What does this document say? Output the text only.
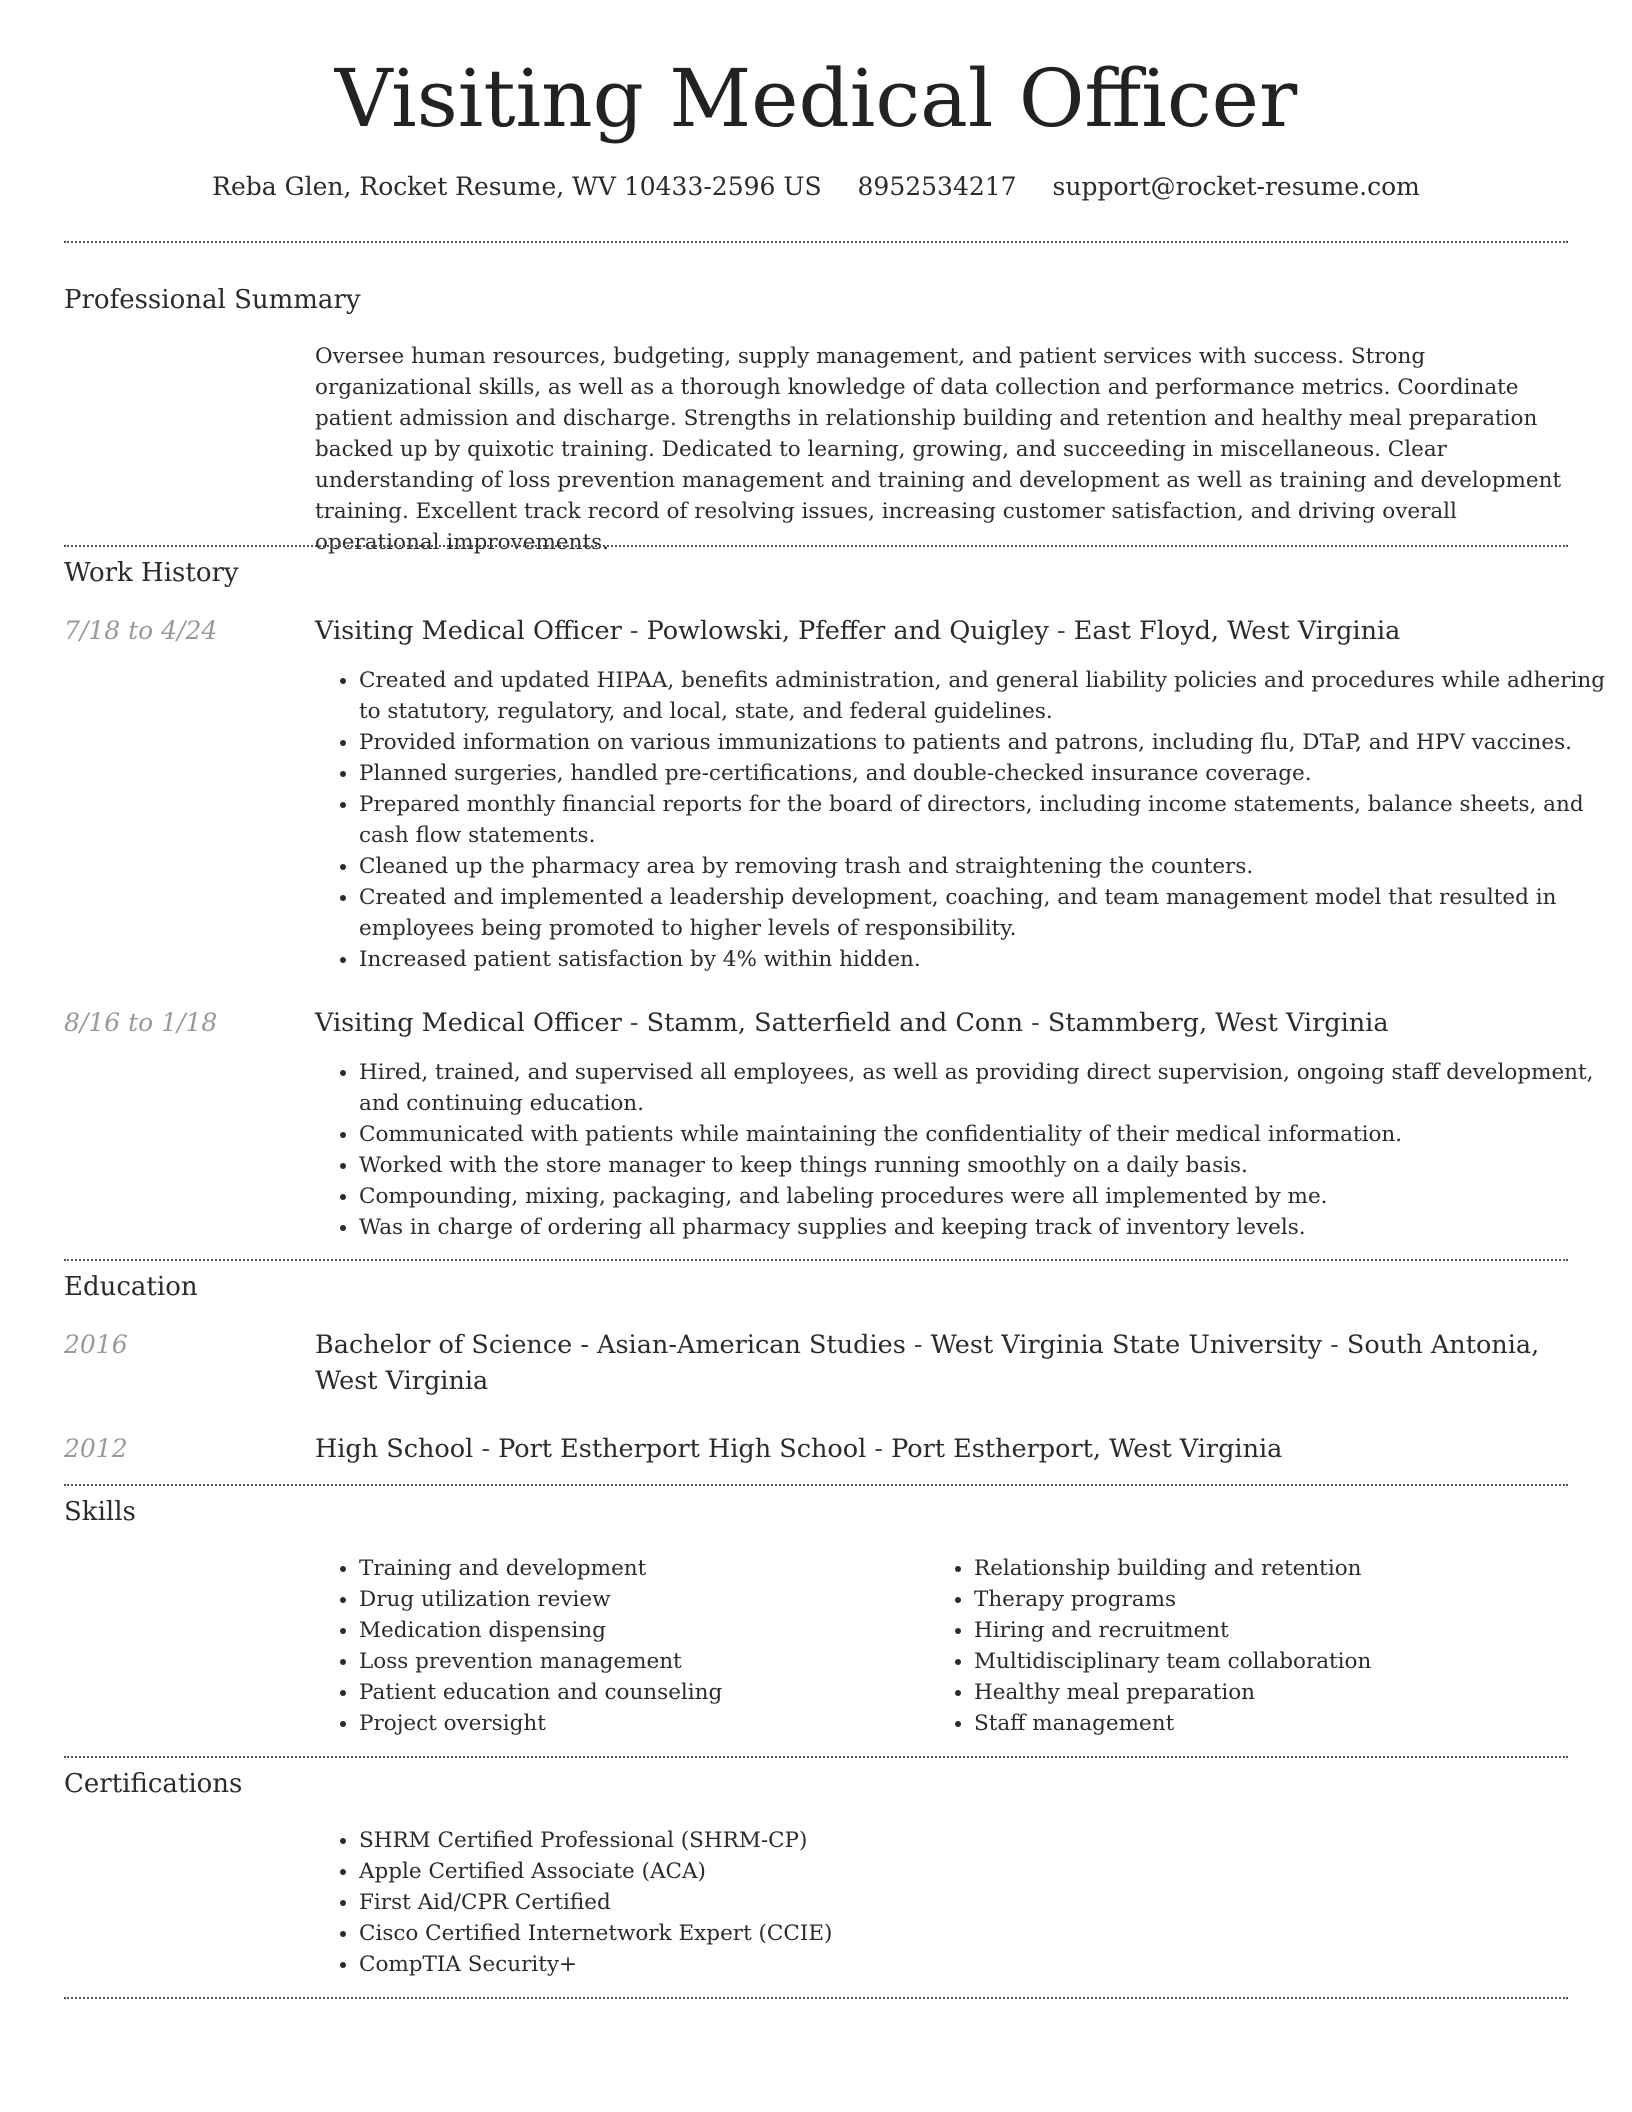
Visiting Medical Officer
Reba Glen, Rocket Resume, WV 10433-2596 US 8952534217 support@rocket-resume.com
Professional Summary

Oversee human resources, budgeting, supply management, and patient services with success. Strong organizational skills, as well as a thorough knowledge of data collection and performance metrics. Coordinate patient admission and discharge. Strengths in relationship building and retention and healthy meal preparation backed up by quixotic training. Dedicated to learning, growing, and succeeding in miscellaneous. Clear understanding of loss prevention management and training and development as well as training and development training. Excellent track record of resolving issues, increasing customer satisfaction, and driving overall operational improvements.

Work History
7/18 to 4/24	Visiting Medical Officer - Powlowski, Pfeffer and Quigley - East Floyd, West Virginia
• Created and updated HIPAA, benefits administration, and general liability policies and procedures while adhering to statutory, regulatory, and local, state, and federal guidelines.
• Provided information on various immunizations to patients and patrons, including flu, DTaP, and HPV vaccines.
• Planned surgeries, handled pre-certifications, and double-checked insurance coverage.
• Prepared monthly financial reports for the board of directors, including income statements, balance sheets, and cash flow statements.
• Cleaned up the pharmacy area by removing trash and straightening the counters.
• Created and implemented a leadership development, coaching, and team management model that resulted in employees being promoted to higher levels of responsibility.
• Increased patient satisfaction by 4% within hidden.
8/16 to 1/18	Visiting Medical Officer - Stamm, Satterfield and Conn - Stammberg, West Virginia
• Hired, trained, and supervised all employees, as well as providing direct supervision, ongoing staff development, and continuing education.
• Communicated with patients while maintaining the confidentiality of their medical information.
• Worked with the store manager to keep things running smoothly on a daily basis.
• Compounding, mixing, packaging, and labeling procedures were all implemented by me.
• Was in charge of ordering all pharmacy supplies and keeping track of inventory levels.
Education
2016	Bachelor of Science - Asian-American Studies - West Virginia State University - South Antonia, West Virginia
2012	High School - Port Estherport High School - Port Estherport, West Virginia
Skills
• Training and development
• Drug utilization review
• Medication dispensing
• Loss prevention management
• Patient education and counseling
• Project oversight
• Relationship building and retention
• Therapy programs
• Hiring and recruitment
• Multidisciplinary team collaboration
• Healthy meal preparation
• Staff management
Certifications
• SHRM Certified Professional (SHRM-CP)
• Apple Certified Associate (ACA)
• First Aid/CPR Certified
• Cisco Certified Internetwork Expert (CCIE)
• CompTIA Security+
